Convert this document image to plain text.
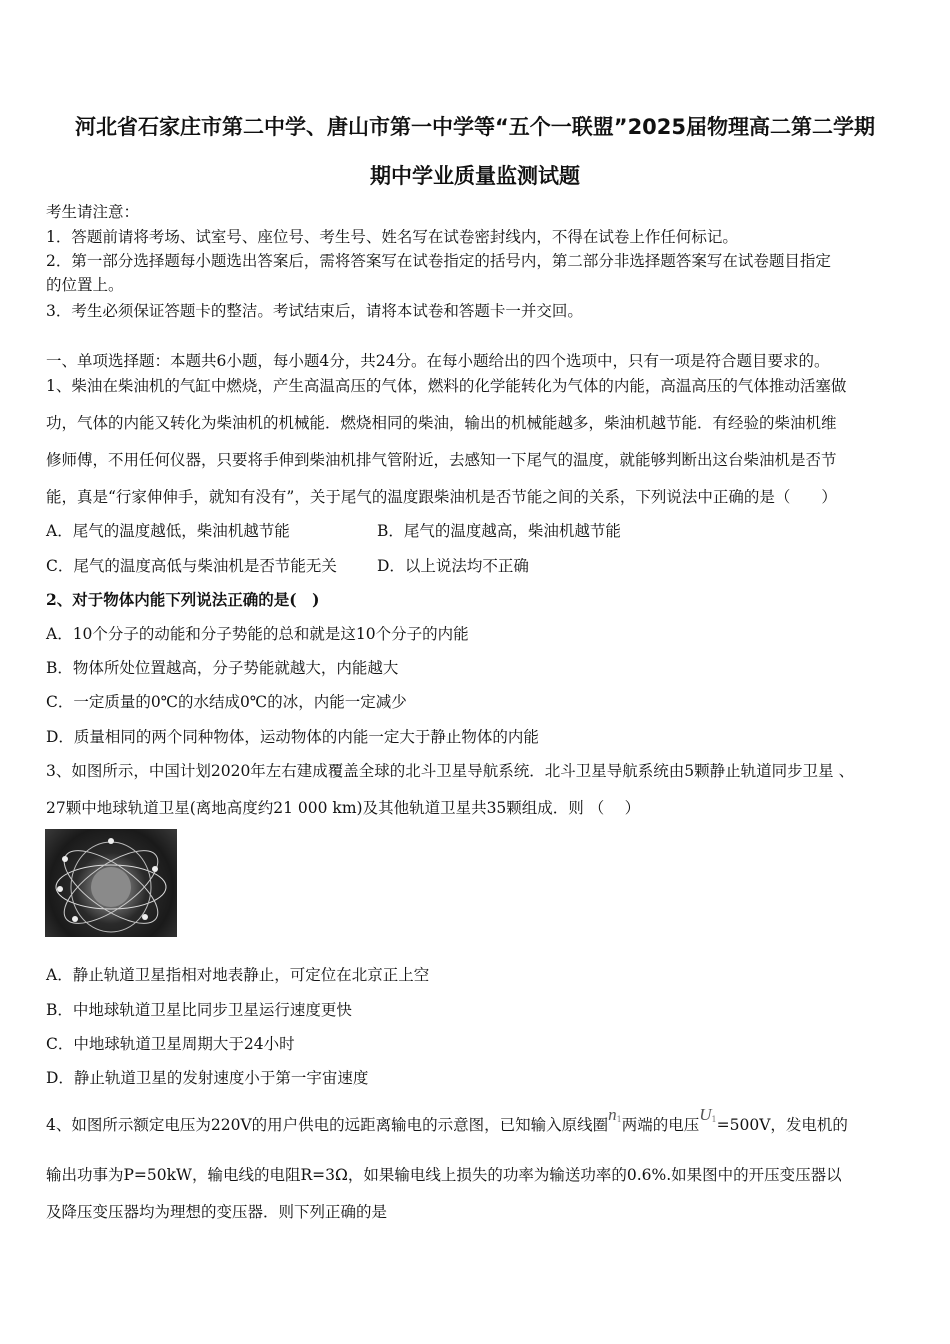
河北省石家庄市第二中学、唐山市第一中学等“五个一联盟”2025届物理高二第二学期
期中学业质量监测试题
考生请注意：
1．答题前请将考场、试室号、座位号、考生号、姓名写在试卷密封线内，不得在试卷上作任何标记。
2．第一部分选择题每小题选出答案后，需将答案写在试卷指定的括号内，第二部分非选择题答案写在试卷题目指定
的位置上。
3．考生必须保证答题卡的整洁。考试结束后，请将本试卷和答题卡一并交回。
一、单项选择题：本题共6小题，每小题4分，共24分。在每小题给出的四个选项中，只有一项是符合题目要求的。
1、柴油在柴油机的气缸中燃烧，产生高温高压的气体，燃料的化学能转化为气体的内能，高温高压的气体推动活塞做
功，气体的内能又转化为柴油机的机械能．燃烧相同的柴油，输出的机械能越多，柴油机越节能．有经验的柴油机维
修师傅，不用任何仪器，只要将手伸到柴油机排气管附近，去感知一下尾气的温度，就能够判断出这台柴油机是否节
能，真是“行家伸伸手，就知有没有”，关于尾气的温度跟柴油机是否节能之间的关系，下列说法中正确的是（　　）
A．尾气的温度越低，柴油机越节能	B．尾气的温度越高，柴油机越节能
C．尾气的温度高低与柴油机是否节能无关	D．以上说法均不正确
2、对于物体内能下列说法正确的是(　)
A．10个分子的动能和分子势能的总和就是这10个分子的内能
B．物体所处位置越高，分子势能就越大，内能越大
C．一定质量的0℃的水结成0℃的冰，内能一定减少
D．质量相同的两个同种物体，运动物体的内能一定大于静止物体的内能
3、如图所示，中国计划2020年左右建成覆盖全球的北斗卫星导航系统．北斗卫星导航系统由5颗静止轨道同步卫星 、
27颗中地球轨道卫星(离地高度约21 000 km)及其他轨道卫星共35颗组成．则 （　 ）
A．静止轨道卫星指相对地表静止，可定位在北京正上空
B．中地球轨道卫星比同步卫星运行速度更快
C．中地球轨道卫星周期大于24小时
D．静止轨道卫星的发射速度小于第一宇宙速度
4、如图所示额定电压为220V的用户供电的远距离输电的示意图，已知输入原线圈$n^1$两端的电压$U^1=500V$，发电机的
输出功事为P=50kW，输电线的电阻R=3Ω，如果输电线上损失的功率为输送功率的0.6%.如果图中的开压变压器以
及降压变压器均为理想的变压器．则下列正确的是
